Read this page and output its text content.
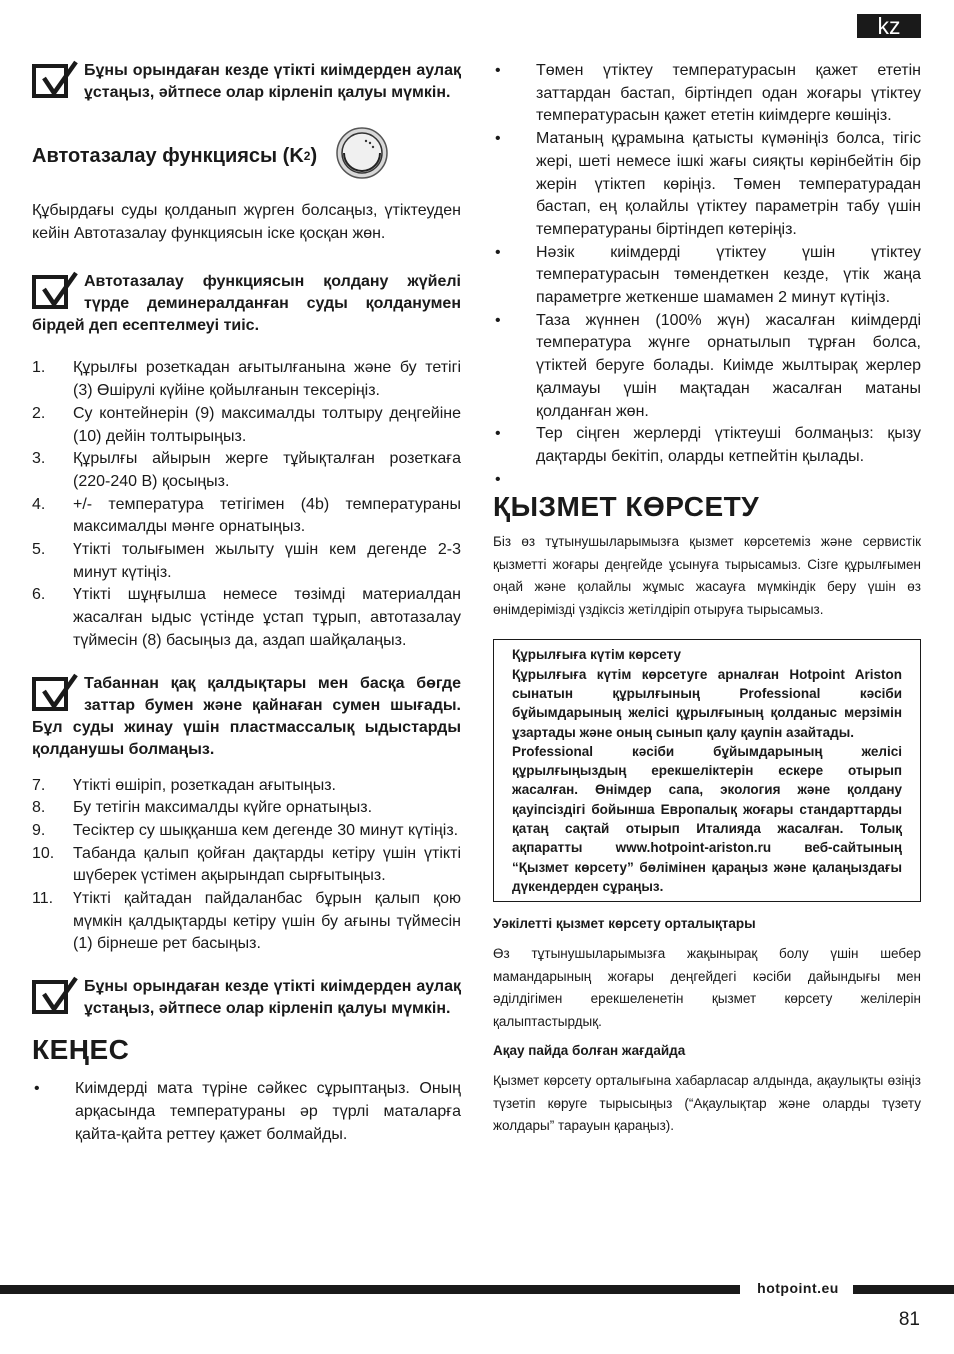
kz
Бұны орындаған кезде үтікті киімдерден аулақ ұстаңыз, әйтпесе олар кірленіп қалуы мүмкін.
Автотазалау функциясы (K 2 )

Құбырдағы суды қолданып жүрген болсаңыз, үтіктеуден кейін Автотазалау функциясын іске қосқан жөн.

Автотазалау функциясын қолдану жүйелі түрде деминералданған суды қолданумен бірдей деп есептелмеуі тиіс.
1.	Құрылғы розеткадан ағытылғанына және бу тетігі (3) Өшірулі күйіне қойылғанын тексеріңіз.
2.	Су контейнерін (9) максималды толтыру деңгейіне (10) дейін толтырыңыз.
3.	Құрылғы айырын жерге тұйықталған розеткаға (220-240 В) қосыңыз.
4.	+/- температура тетігімен (4b) температураны максималды мәнге орнатыңыз.
5.	Үтікті толығымен жылыту үшін кем дегенде 2-3 минут күтіңіз.
6.	Үтікті шұңғылша немесе төзімді материалдан жасалған ыдыс үстінде ұстап тұрып, автотазалау түймесін (8) басыңыз да, аздап шайқалаңыз.
Табаннан қақ қалдықтары мен басқа бөгде заттар бумен және қайнаған сумен шығады. Бұл суды жинау үшін пластмассалық ыдыстарды қолданушы болмаңыз.
7.	Үтікті өшіріп, розеткадан ағытыңыз.
8.	Бу тетігін максималды күйге орнатыңыз.
9.	Тесіктер су шыққанша кем дегенде 30 минут күтіңіз.
10.	Табанда қалып қойған дақтарды кетіру үшін үтікті шүберек үстімен ақырындап сырғытыңыз.
11.	Үтікті қайтадан пайдаланбас бұрын қалып қою мүмкін қалдықтарды кетіру үшін бу ағыны түймесін (1) бірнеше рет басыңыз.
Бұны орындаған кезде үтікті киімдерден аулақ ұстаңыз, әйтпесе олар кірленіп қалуы мүмкін.
КЕҢЕС
•	Киімдерді мата түріне сәйкес сұрыптаңыз. Оның арқасында температураны әр түрлі маталарға қайта-қайта реттеу қажет болмайды.
•	Төмен үтіктеу температурасын қажет ететін заттардан бастап, біртіндеп одан жоғары үтіктеу температурасын қажет ететін киімдерге көшіңіз.
•	Матаның құрамына қатысты күмәніңіз болса, тігіс жері, шеті немесе ішкі жағы сияқты көрінбейтін бір жерін үтіктеп көріңіз. Төмен температурадан бастап, ең қолайлы үтіктеу параметрін табу үшін температураны біртіндеп көтеріңіз.
•	Нәзік киімдерді үтіктеу үшін үтіктеу температурасын төмендеткен кезде, үтік жаңа параметрге жеткенше шамамен 2 минут күтіңіз.
•	Таза жүннен (100% жүн) жасалған киімдерді температура жүнге орнатылып тұрған болса, үтіктей беруге болады. Киімде жылтырақ жерлер қалмауы үшін мақтадан жасалған матаны қолданған жөн.
•	Тер сіңген жерлерді үтіктеуші болмаңыз: қызу дақтарды бекітіп, оларды кетпейтін қылады.
•
ҚЫЗМЕТ КӨРСЕТУ

Біз өз тұтынушыларымызға қызмет көрсетеміз және сервистік қызметті жоғары деңгейде ұсынуға тырысамыз. Сізге құрылғымен оңай және қолайлы жұмыс жасауға мүмкіндік беру үшін өз өнімдерімізді үздіксіз жетілдіріп отыруға тырысамыз.

Құрылғыға күтім көрсету
Құрылғыға күтім көрсетуге арналған Hotpoint Ariston сынатын құрылғының Professional кәсіби бұйымдарының желісі құрылғының қолданыс мерзімін ұзартады және оның сынып қалу қаупін азайтады.
Professional кәсіби бұйымдарының желісі құрылғыңыздың ерекшеліктерін ескере отырып жасалған. Өнімдер сапа, экология және қолдану қауіпсіздігі бойынша Европалық жоғары стандарттарды қатаң сақтай отырып Италияда жасалған. Толық ақпаратты www.hotpoint-ariston.ru веб-сайтының “Қызмет көрсету” бөлімінен қараңыз және қалаңыздағы дүкендерден сұраңыз.

Уәкілетті қызмет көрсету орталықтары

Өз тұтынушыларымызға жақынырақ болу үшін шебер мамандарының жоғары деңгейдегі кәсіби дайындығы мен әділдігімен ерекшеленетін қызмет көрсету желілерін қалыптастырдық.

Ақау пайда болған жағдайда

Қызмет көрсету орталығына хабарласар алдында, ақаулықты өзіңіз түзетіп көруге тырысыңыз (“Ақаулықтар және оларды түзету жолдары” тарауын қараңыз).

hotpoint.eu
81
